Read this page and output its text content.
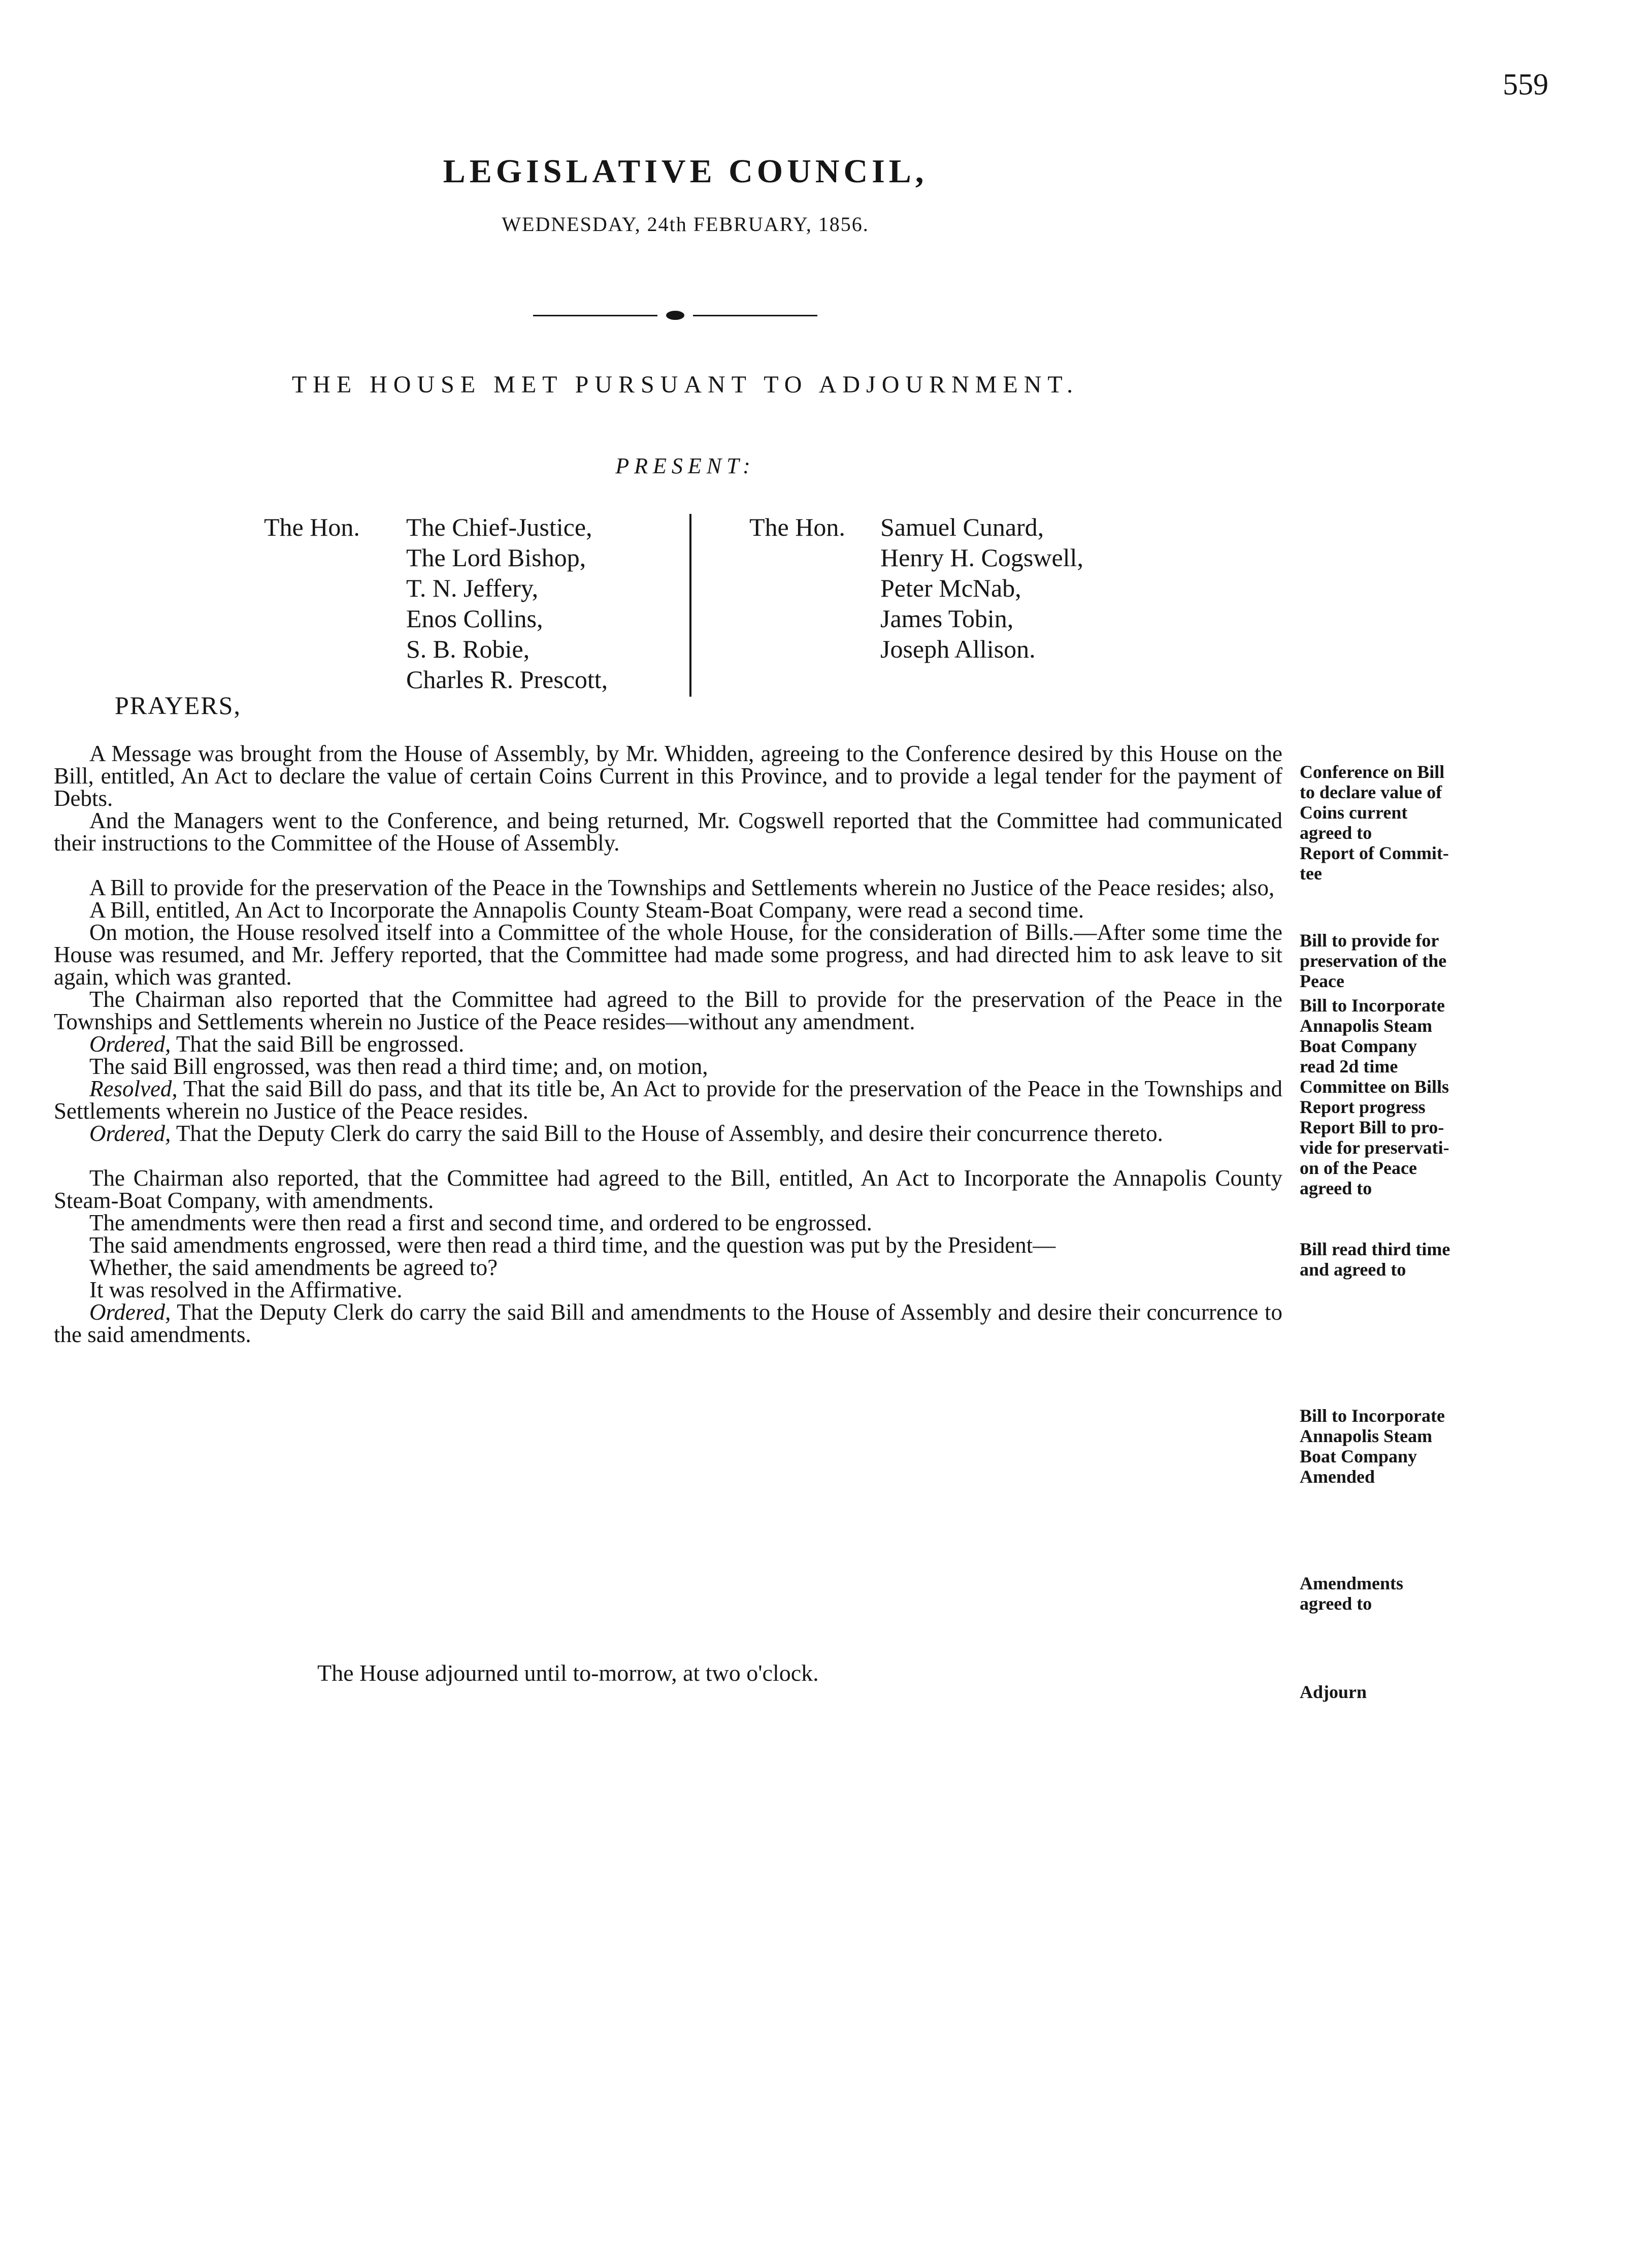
559
LEGISLATIVE COUNCIL,
WEDNESDAY, 24th FEBRUARY, 1856.
THE HOUSE MET PURSUANT TO ADJOURNMENT.
PRESENT:
The Hon. The Chief-Justice,
The Lord Bishop,
T. N. Jeffery,
Enos Collins,
S. B. Robie,
Charles R. Prescott,
The Hon. Samuel Cunard,
Henry H. Cogswell,
Peter McNab,
James Tobin,
Joseph Allison.
PRAYERS,

A Message was brought from the House of Assembly, by Mr. Whidden, agreeing to the Conference desired by this House on the Bill, entitled, An Act to declare the value of certain Coins Current in this Province, and to provide a legal tender for the payment of Debts.

And the Managers went to the Conference, and being returned, Mr. Cogswell reported that the Committee had communicated their instructions to the Committee of the House of Assembly.

A Bill to provide for the preservation of the Peace in the Townships and Settlements wherein no Justice of the Peace resides; also,

A Bill, entitled, An Act to Incorporate the Annapolis County Steam-Boat Company, were read a second time.

On motion, the House resolved itself into a Committee of the whole House, for the consideration of Bills.—After some time the House was resumed, and Mr. Jeffery reported, that the Committee had made some progress, and had directed him to ask leave to sit again, which was granted.

The Chairman also reported that the Committee had agreed to the Bill to provide for the preservation of the Peace in the Townships and Settlements wherein no Justice of the Peace resides—without any amendment.

Ordered, That the said Bill be engrossed.

The said Bill engrossed, was then read a third time; and, on motion,

Resolved, That the said Bill do pass, and that its title be, An Act to provide for the preservation of the Peace in the Townships and Settlements wherein no Justice of the Peace resides.

Ordered, That the Deputy Clerk do carry the said Bill to the House of Assembly, and desire their concurrence thereto.

The Chairman also reported, that the Committee had agreed to the Bill, entitled, An Act to Incorporate the Annapolis County Steam-Boat Company, with amendments.

The amendments were then read a first and second time, and ordered to be engrossed.

The said amendments engrossed, were then read a third time, and the question was put by the President—

Whether, the said amendments be agreed to?

It was resolved in the Affirmative.

Ordered, That the Deputy Clerk do carry the said Bill and amendments to the House of Assembly and desire their concurrence to the said amendments.

The House adjourned until to-morrow, at two o'clock.
Conference on Bill
to declare value of
Coins current
agreed to
Report of Commit-
tee
Bill to provide for
preservation of the
Peace
Bill to Incorporate
Annapolis Steam
Boat Company
read 2d time
Committee on Bills
Report progress
Report Bill to pro-
vide for preservati-
on of the Peace
agreed to
Bill read third time
and agreed to
Bill to Incorporate
Annapolis Steam
Boat Company
Amended
Amendments
agreed to
Adjourn
